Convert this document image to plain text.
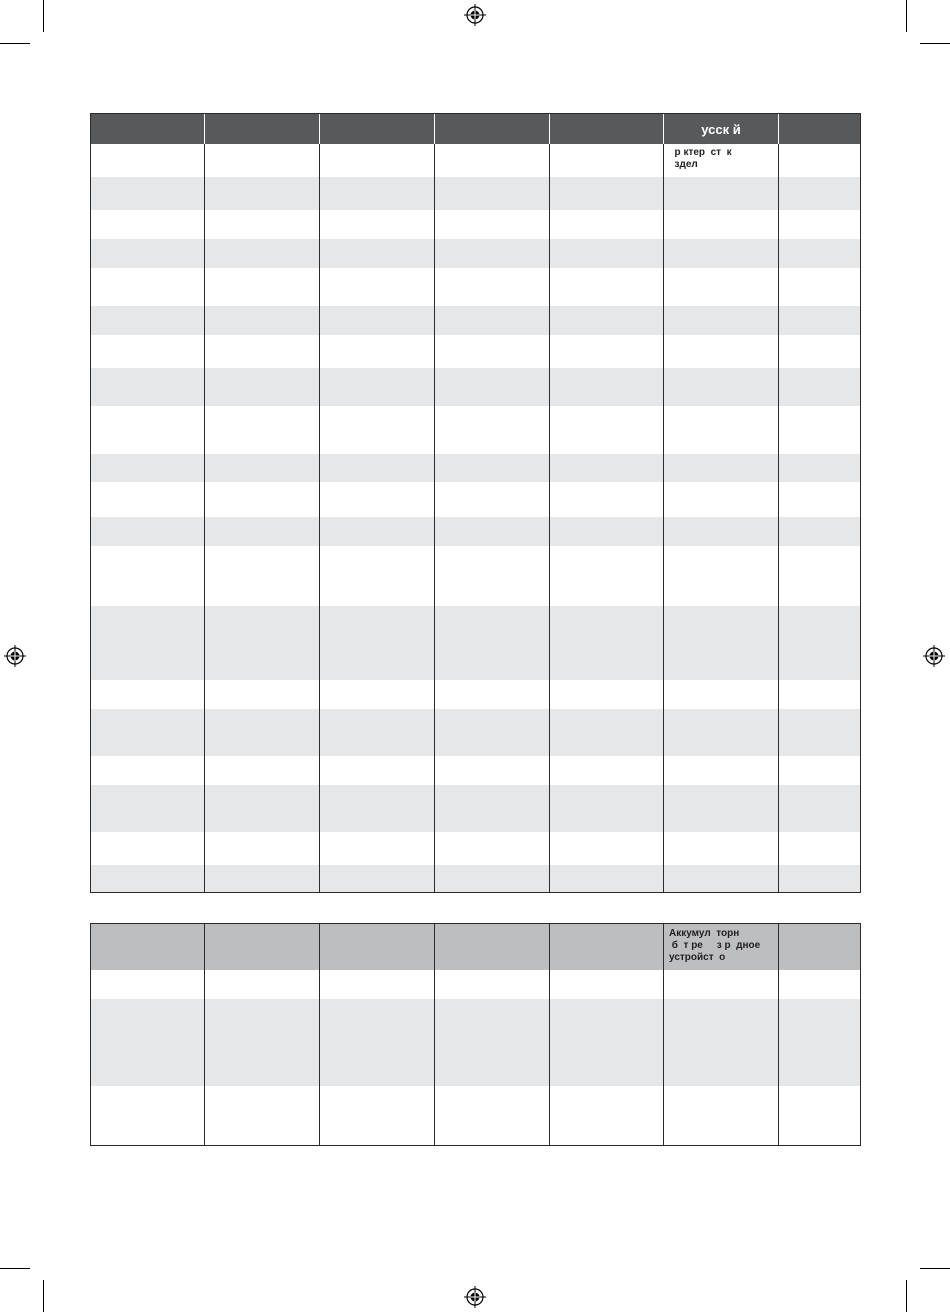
усск й
р ктер  ст  к
здел
Аккумул  торн
б  т ре     з р  дное
устройст  о
